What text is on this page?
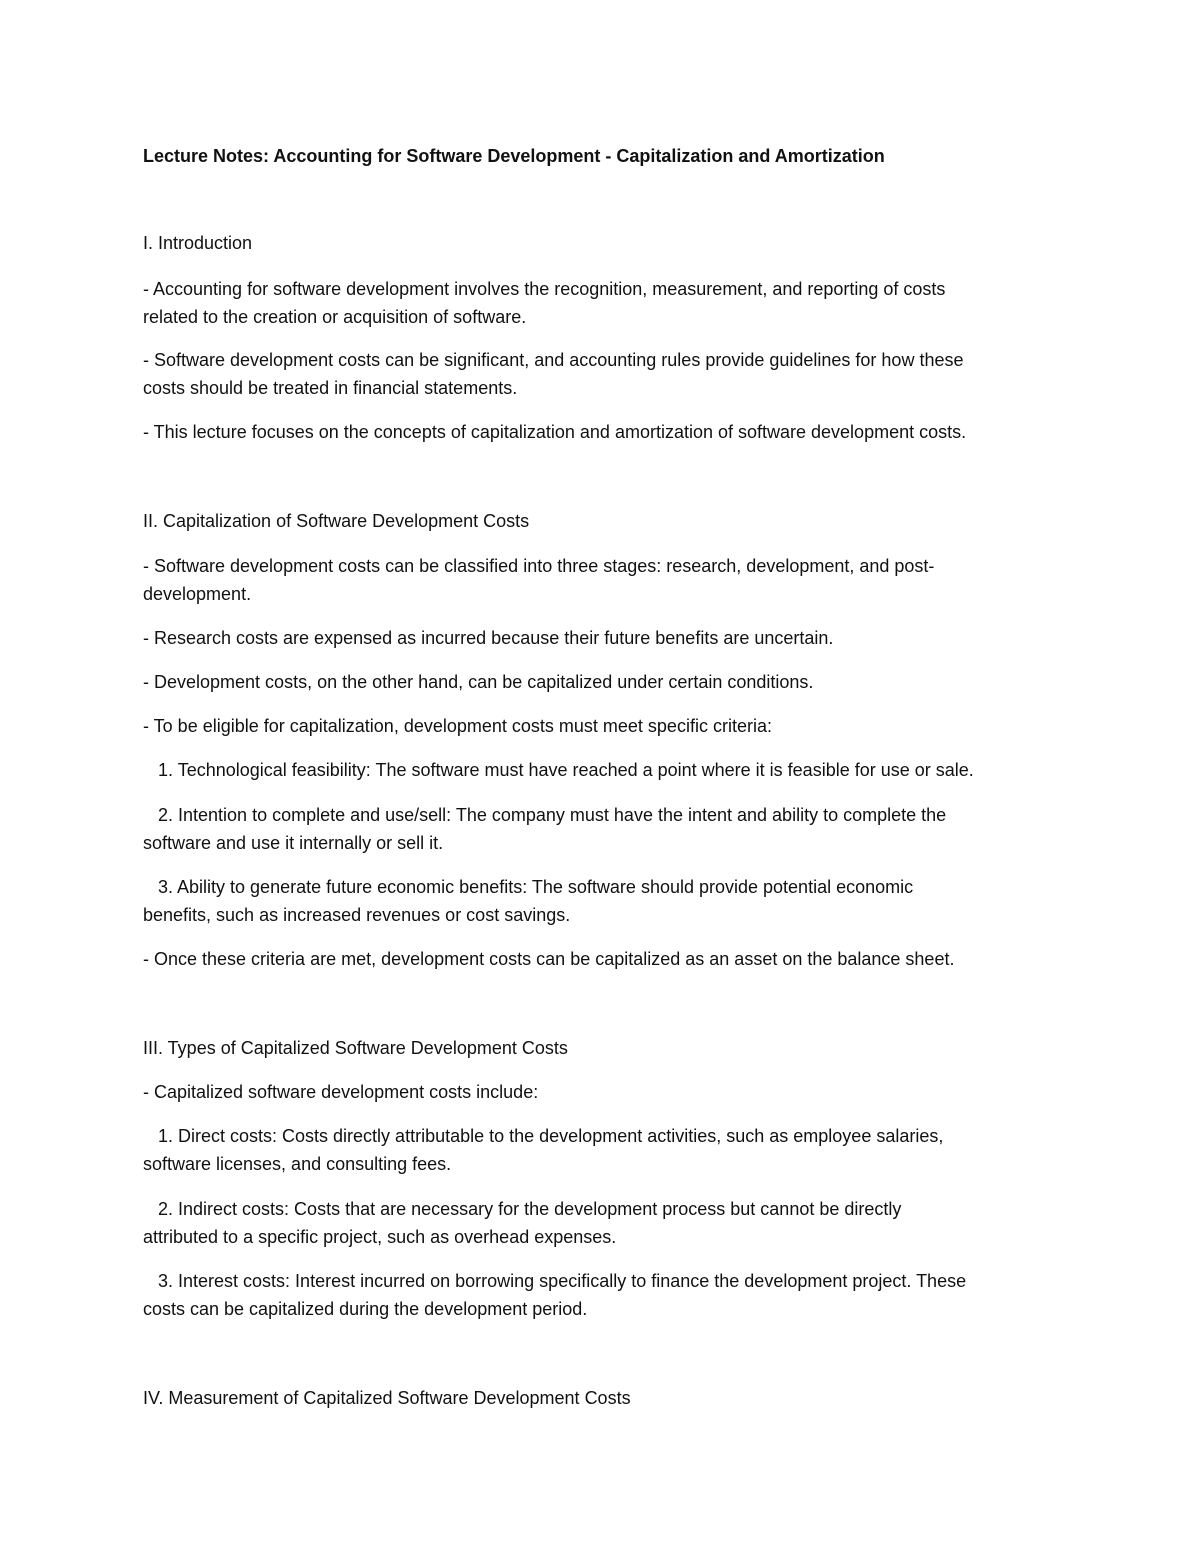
Lecture Notes: Accounting for Software Development - Capitalization and Amortization

I. Introduction

- Accounting for software development involves the recognition, measurement, and reporting of costs

related to the creation or acquisition of software.

- Software development costs can be significant, and accounting rules provide guidelines for how these

costs should be treated in financial statements.

- This lecture focuses on the concepts of capitalization and amortization of software development costs.

II. Capitalization of Software Development Costs

- Software development costs can be classified into three stages: research, development, and post-

development.

- Research costs are expensed as incurred because their future benefits are uncertain.

- Development costs, on the other hand, can be capitalized under certain conditions.

- To be eligible for capitalization, development costs must meet specific criteria:

1. Technological feasibility: The software must have reached a point where it is feasible for use or sale.

2. Intention to complete and use/sell: The company must have the intent and ability to complete the

software and use it internally or sell it.

3. Ability to generate future economic benefits: The software should provide potential economic

benefits, such as increased revenues or cost savings.

- Once these criteria are met, development costs can be capitalized as an asset on the balance sheet.

III. Types of Capitalized Software Development Costs

- Capitalized software development costs include:

1. Direct costs: Costs directly attributable to the development activities, such as employee salaries,

software licenses, and consulting fees.

2. Indirect costs: Costs that are necessary for the development process but cannot be directly

attributed to a specific project, such as overhead expenses.

3. Interest costs: Interest incurred on borrowing specifically to finance the development project. These

costs can be capitalized during the development period.

IV. Measurement of Capitalized Software Development Costs
